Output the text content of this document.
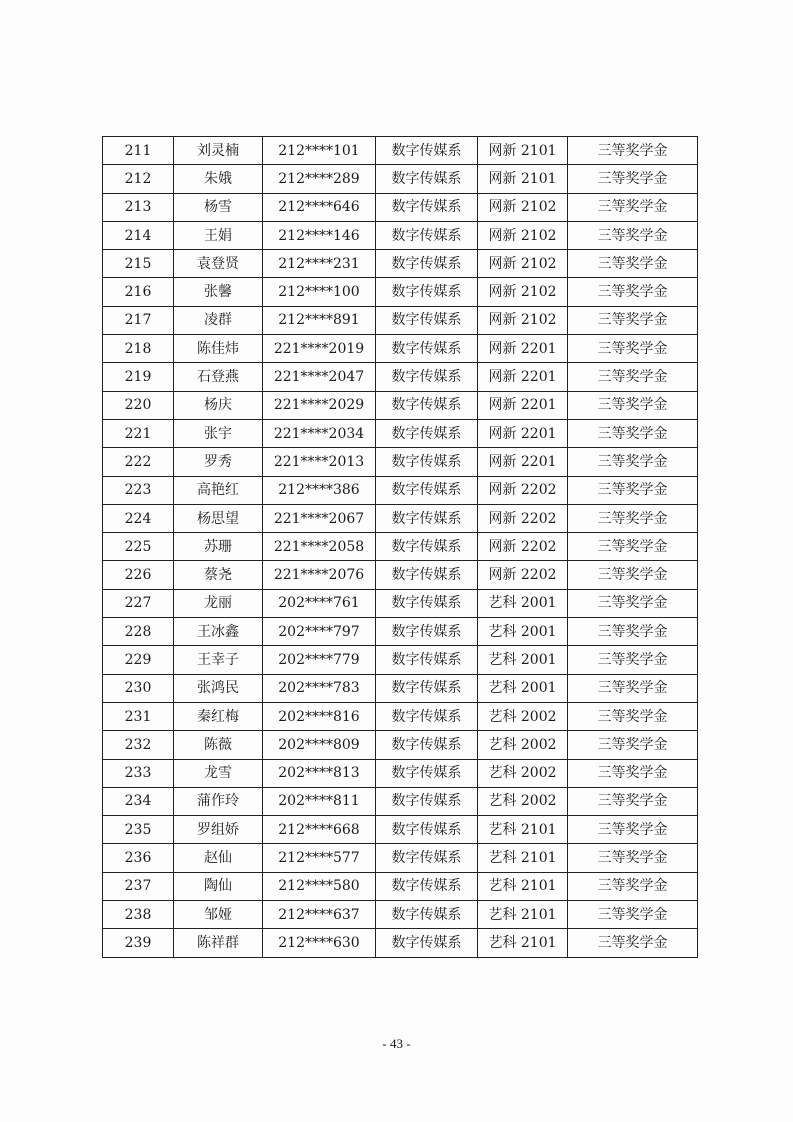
211	刘灵楠	212****101	数字传媒系	网新 2101	三等奖学金
212	朱娥	212****289	数字传媒系	网新 2101	三等奖学金
213	杨雪	212****646	数字传媒系	网新 2102	三等奖学金
214	王娟	212****146	数字传媒系	网新 2102	三等奖学金
215	袁登贤	212****231	数字传媒系	网新 2102	三等奖学金
216	张馨	212****100	数字传媒系	网新 2102	三等奖学金
217	凌群	212****891	数字传媒系	网新 2102	三等奖学金
218	陈佳炜	221****2019	数字传媒系	网新 2201	三等奖学金
219	石登燕	221****2047	数字传媒系	网新 2201	三等奖学金
220	杨庆	221****2029	数字传媒系	网新 2201	三等奖学金
221	张宇	221****2034	数字传媒系	网新 2201	三等奖学金
222	罗秀	221****2013	数字传媒系	网新 2201	三等奖学金
223	高艳红	212****386	数字传媒系	网新 2202	三等奖学金
224	杨思望	221****2067	数字传媒系	网新 2202	三等奖学金
225	苏珊	221****2058	数字传媒系	网新 2202	三等奖学金
226	蔡尧	221****2076	数字传媒系	网新 2202	三等奖学金
227	龙丽	202****761	数字传媒系	艺科 2001	三等奖学金
228	王冰鑫	202****797	数字传媒系	艺科 2001	三等奖学金
229	王幸子	202****779	数字传媒系	艺科 2001	三等奖学金
230	张鸿民	202****783	数字传媒系	艺科 2001	三等奖学金
231	秦红梅	202****816	数字传媒系	艺科 2002	三等奖学金
232	陈薇	202****809	数字传媒系	艺科 2002	三等奖学金
233	龙雪	202****813	数字传媒系	艺科 2002	三等奖学金
234	蒲作玲	202****811	数字传媒系	艺科 2002	三等奖学金
235	罗组娇	212****668	数字传媒系	艺科 2101	三等奖学金
236	赵仙	212****577	数字传媒系	艺科 2101	三等奖学金
237	陶仙	212****580	数字传媒系	艺科 2101	三等奖学金
238	邹娅	212****637	数字传媒系	艺科 2101	三等奖学金
239	陈祥群	212****630	数字传媒系	艺科 2101	三等奖学金
- 43 -
